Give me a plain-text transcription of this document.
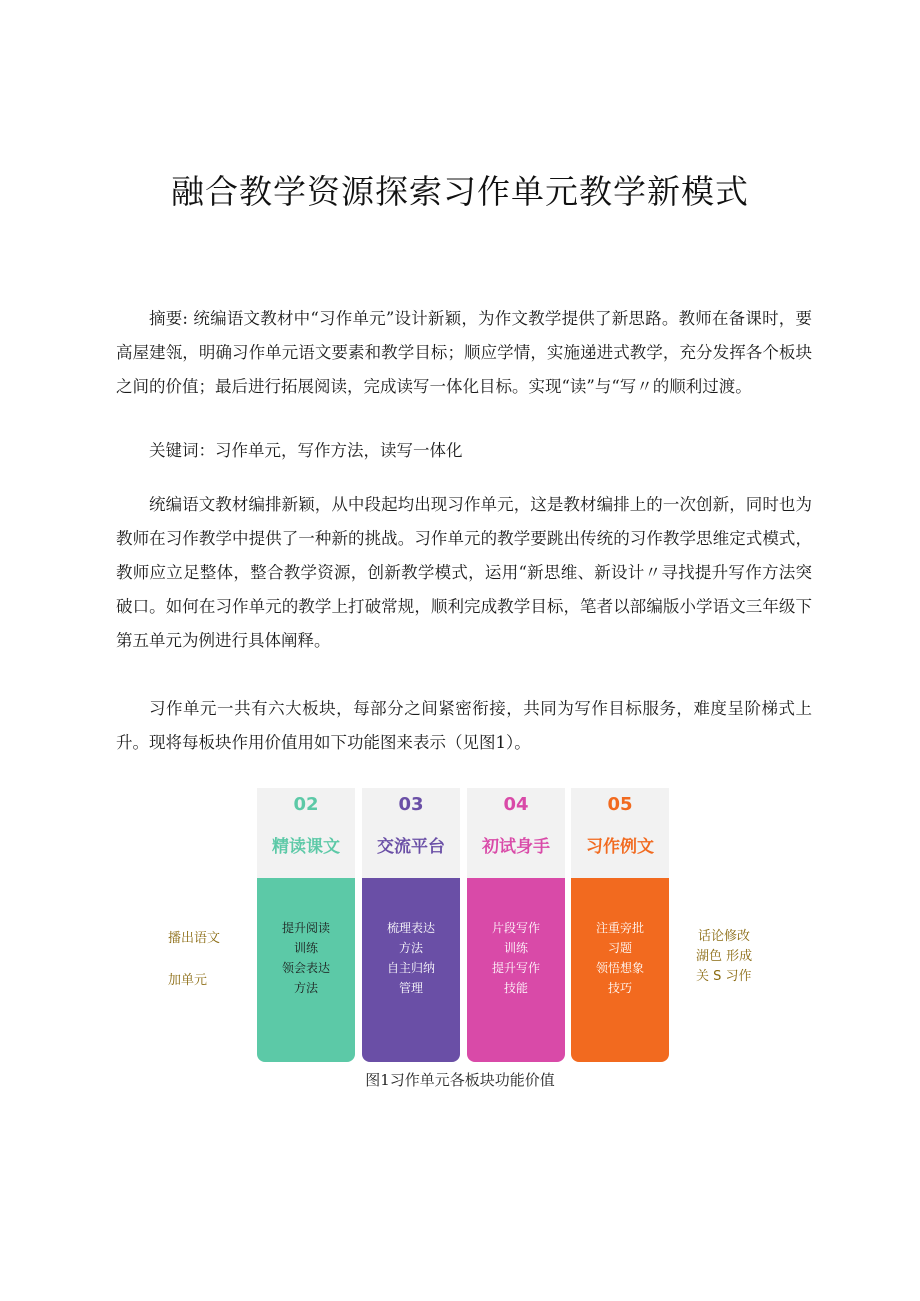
融合教学资源探索习作单元教学新模式

摘要: 统编语文教材中“习作单元”设计新颖，为作文教学提供了新思路。教师在备课时，要高屋建瓴，明确习作单元语文要素和教学目标；顺应学情，实施递进式教学，充分发挥各个板块之间的价值；最后进行拓展阅读，完成读写一体化目标。实现“读”与“写〃的顺利过渡。

关键词：习作单元，写作方法，读写一体化

统编语文教材编排新颖，从中段起均出现习作单元，这是教材编排上的一次创新，同时也为教师在习作教学中提供了一种新的挑战。习作单元的教学要跳出传统的习作教学思维定式模式，教师应立足整体，整合教学资源，创新教学模式，运用“新思维、新设计〃寻找提升写作方法突破口。如何在习作单元的教学上打破常规，顺利完成教学目标，笔者以部编版小学语文三年级下第五单元为例进行具体阐释。

习作单元一共有六大板块，每部分之间紧密衔接，共同为写作目标服务，难度呈阶梯式上升。现将每板块作用价值用如下功能图来表示（见图1）。

播出语文
加单元
话论修改
湖色 形成
关 S 习作
02
精读课文
提升阅读
训练
领会表达
方法
03
交流平台
梳理表达
方法
自主归纳
管理
04
初试身手
片段写作
训练
提升写作
技能
05
习作例文
注重旁批
习题
领悟想象
技巧
图1习作单元各板块功能价值
